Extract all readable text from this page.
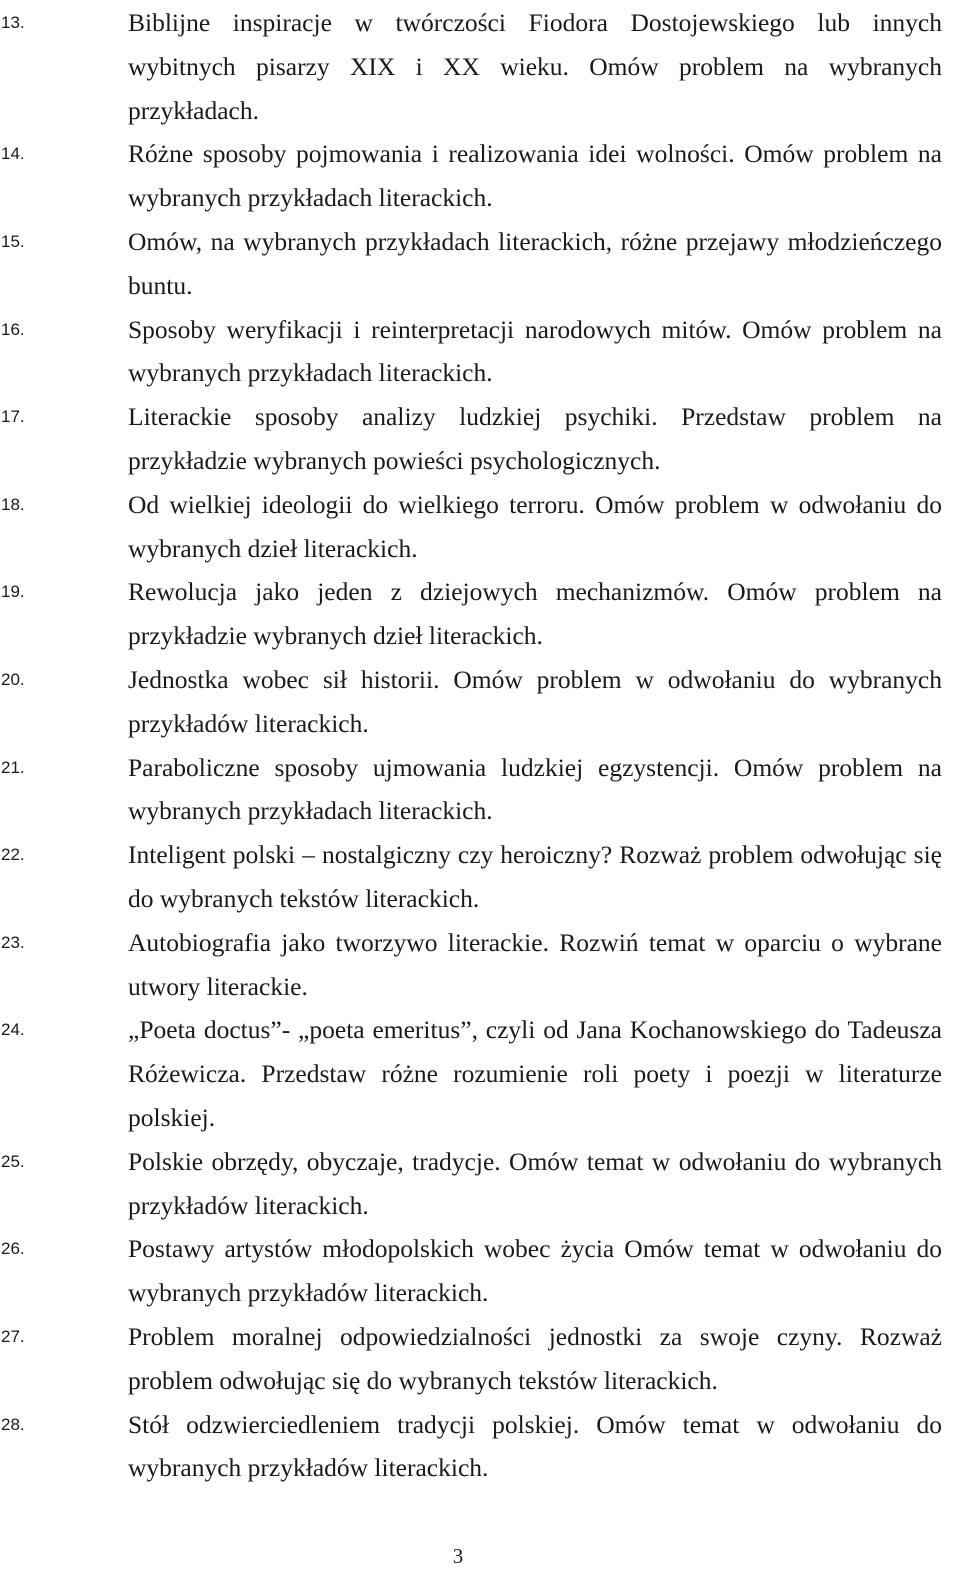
13.	Biblijne inspiracje w twórczości Fiodora Dostojewskiego lub innych wybitnych pisarzy XIX i XX wieku. Omów problem na wybranych przykładach.
14.	Różne sposoby pojmowania i realizowania idei wolności. Omów problem na wybranych przykładach literackich.
15.	Omów, na wybranych przykładach literackich, różne przejawy młodzieńczego buntu.
16.	Sposoby weryfikacji i reinterpretacji narodowych mitów. Omów problem na wybranych przykładach literackich.
17.	Literackie sposoby analizy ludzkiej psychiki. Przedstaw problem na przykładzie wybranych powieści psychologicznych.
18.	Od wielkiej ideologii do wielkiego terroru. Omów problem w odwołaniu do wybranych dzieł literackich.
19.	Rewolucja jako jeden z dziejowych mechanizmów. Omów problem na przykładzie wybranych dzieł literackich.
20.	Jednostka wobec sił historii. Omów problem w odwołaniu do wybranych przykładów literackich.
21.	Paraboliczne sposoby ujmowania ludzkiej egzystencji. Omów problem na wybranych przykładach literackich.
22.	Inteligent polski – nostalgiczny czy heroiczny? Rozważ problem odwołując się do wybranych tekstów literackich.
23.	Autobiografia jako tworzywo literackie. Rozwiń temat w oparciu o wybrane utwory literackie.
24.	„Poeta doctus”- „poeta emeritus”, czyli od Jana Kochanowskiego do Tadeusza Różewicza. Przedstaw różne rozumienie roli poety i poezji w literaturze polskiej.
25.	Polskie obrzędy, obyczaje, tradycje. Omów temat w odwołaniu do wybranych przykładów literackich.
26.	Postawy artystów młodopolskich wobec życia Omów temat w odwołaniu do wybranych przykładów literackich.
27.	Problem moralnej odpowiedzialności jednostki za swoje czyny. Rozważ problem odwołując się do wybranych tekstów literackich.
28.	Stół odzwierciedleniem tradycji polskiej. Omów temat w odwołaniu do wybranych przykładów literackich.
3
